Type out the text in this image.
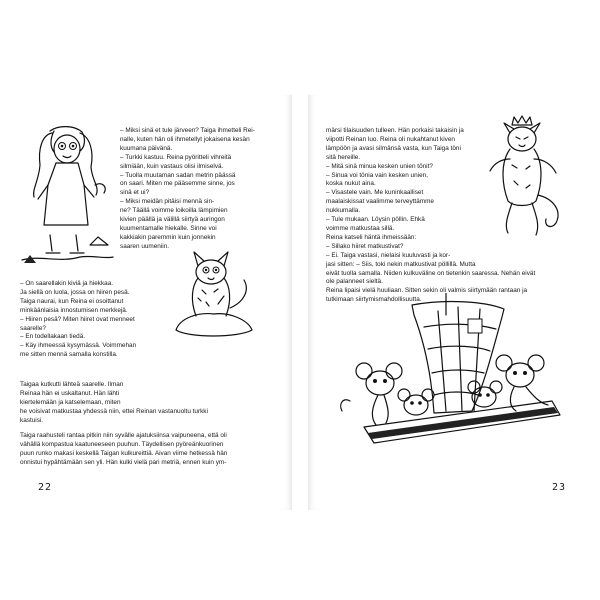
– Miksi sinä et tule järveen? Taiga ihmetteli Rei-
nalle, kuten hän oli ihmetellyt jokaisena kesän
kuumana päivänä.
– Turkki kastuu. Reina pyöritteli vihreitä
silmiään, kuin vastaus olisi ilmiselvä.
– Tuolla muutaman sadan metrin päässä
on saari. Miten me pääsemme sinne, jos
sinä et ui?
– Miksi meidän pitäisi mennä sin-
ne? Täällä voimme loikoilla lämpimien
kivien päällä ja välillä siirtyä auringon
kuumentamalle hiekalle. Sinne voi
kakkiakin paremmin kuin jonnekin
saaren uumeniin.
– On saarellakin kiviä ja hiekkaa.
Ja siellä on luola, jossa on hiiren pesä.
Taiga naurai, kun Reina ei osoittanut
minkäänlaisia innostumisen merkkejä.
– Hiiren pesä? Miten hiiret ovat menneet
saarelle?
– En todellakaan tiedä.
– Käy ihmeessä kysymässä. Voimmehan
me sitten mennä samalla konstilla.
Taigaa kutkutti lähteä saarelle. Ilman
Reinaa hän ei uskaltanut. Hän lähti
kiertelemään ja katselemaan, miten
he voisivat matkustaa yhdessä niin, ettei Reinan vastanuoltu turkki
kastuisi.
Taiga raahusteli rantaa pitkin niin syvälle ajatuksiinsa vaipuneena, että oli
vähällä kompastua kaatuneeseen puuhun. Täydellisen pyöreänkuorinen
puun runko makasi keskellä Taigan kulkureittiä. Aivan viime hetkessä hän
onnistui hypähtämään sen yli. Hän kulki vielä pari metriä, ennen kuin ym-
22
märsi tilaisuuden tulleen. Hän porkaisi takaisin ja
viipotti Reinan luo. Reina oli nukahtanut kiven
lämpöön ja avasi silmänsä vasta, kun Taiga töni
sitä hereille.
– Mitä sinä minua kesken unien tönit?
– Sinua voi tönia vain kesken unien,
koska nukut aina.
– Visastele vain. Me kuninkaalliset
maalaiskissat vaalimme terveyttämme
nukkumalla.
– Tule mukaan. Löysin pöllin. Ehkä
voimme matkustaa sillä.
Reina katseli häntä ihmeissään:
– Sillako hiiret matkustivat?
– Ei. Taiga vastasi, nielaisi kuuluvasti ja kor-
jasi sitten: – Siis, toki nekin matkustivat pöllillä. Mutta
eivät tuolla samalla. Niiden kulkuväline on tietenkin saaressa. Nehän eivät
ole palanneet sieltä.
Reina lipaisi vielä huuliaan. Sitten sekin oli valmis siirtymään rantaan ja
tutkimaan siirtymismahdollisuutta.
23
